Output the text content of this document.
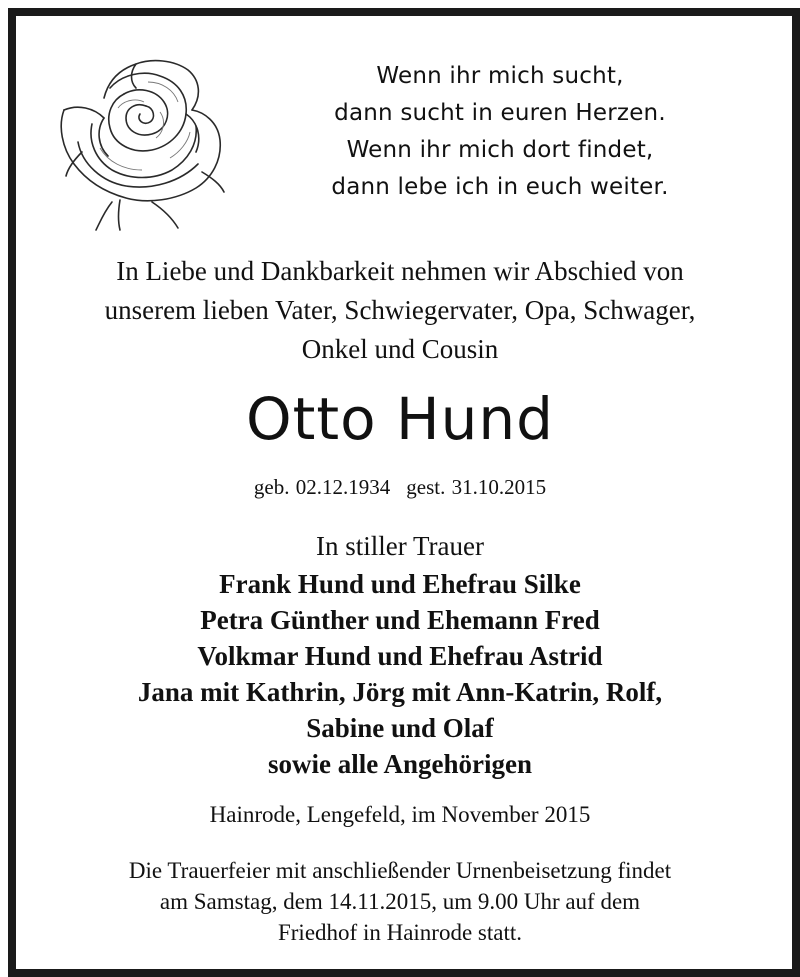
Wenn ihr mich sucht,
dann sucht in euren Herzen.
Wenn ihr mich dort findet,
dann lebe ich in euch weiter.
In Liebe und Dankbarkeit nehmen wir Abschied von
unserem lieben Vater, Schwiegervater, Opa, Schwager,
Onkel und Cousin
Otto Hund
geb. 02.12.1934 gest. 31.10.2015
In stiller Trauer
Frank Hund und Ehefrau Silke
Petra Günther und Ehemann Fred
Volkmar Hund und Ehefrau Astrid
Jana mit Kathrin, Jörg mit Ann-Katrin, Rolf,
Sabine und Olaf
sowie alle Angehörigen
Hainrode, Lengefeld, im November 2015
Die Trauerfeier mit anschließender Urnenbeisetzung findet
am Samstag, dem 14.11.2015, um 9.00 Uhr auf dem
Friedhof in Hainrode statt.
